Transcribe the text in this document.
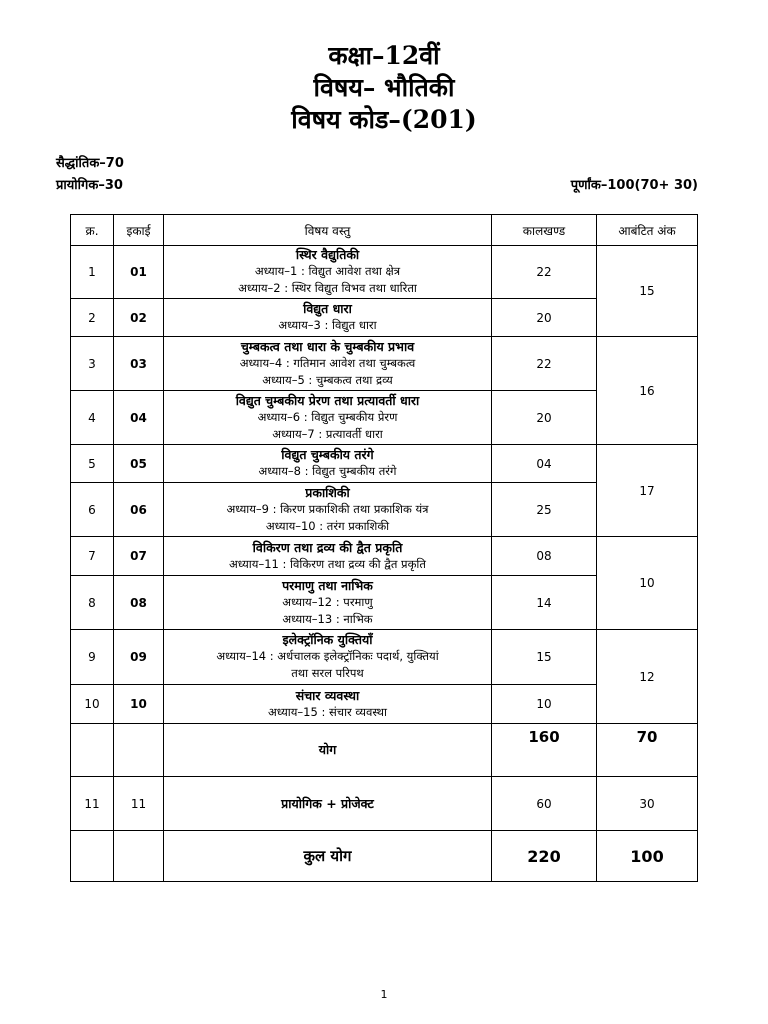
कक्षा–12वीं
विषय– भौतिकी
विषय कोड–(201)
सैद्धांतिक–70
प्रायोगिक–30	पूर्णांक–100(70+ 30)
क्र.	इकाई	विषय वस्तु	कालखण्ड	आबंटित अंक
1	01	स्थिर वैद्युतिकी
अध्याय–1 : विद्युत आवेश तथा क्षेत्र
अध्याय–2 : स्थिर विद्युत विभव तथा धारिता	22	15
2	02	विद्युत धारा
अध्याय–3 : विद्युत धारा	20	
3	03	चुम्बकत्व तथा धारा के चुम्बकीय प्रभाव
अध्याय–4 : गतिमान आवेश तथा चुम्बकत्व
अध्याय–5 : चुम्बकत्व तथा द्रव्य	22	16
4	04	विद्युत चुम्बकीय प्रेरण तथा प्रत्यावर्ती धारा
अध्याय–6 : विद्युत चुम्बकीय प्रेरण
अध्याय–7 : प्रत्यावर्ती धारा	20	
5	05	विद्युत चुम्बकीय तरंगे
अध्याय–8 : विद्युत चुम्बकीय तरंगे	04	17
6	06	प्रकाशिकी
अध्याय–9 : किरण प्रकाशिकी तथा प्रकाशिक यंत्र
अध्याय–10 : तरंग प्रकाशिकी	25	
7	07	विकिरण तथा द्रव्य की द्वैत प्रकृति
अध्याय–11 : विकिरण तथा द्रव्य की द्वैत प्रकृति	08	10
8	08	परमाणु तथा नाभिक
अध्याय–12 : परमाणु
अध्याय–13 : नाभिक	14	
9	09	इलेक्ट्रॉनिक युक्तियाँ
अध्याय–14 : अर्धचालक इलेक्ट्रॉनिकः पदार्थ, युक्तियां
तथा सरल परिपथ	15	12
10	10	संचार व्यवस्था
अध्याय–15 : संचार व्यवस्था	10	
		योग	160	70
11	11	प्रायोगिक + प्रोजेक्ट	60	30
		कुल योग	220	100
1
